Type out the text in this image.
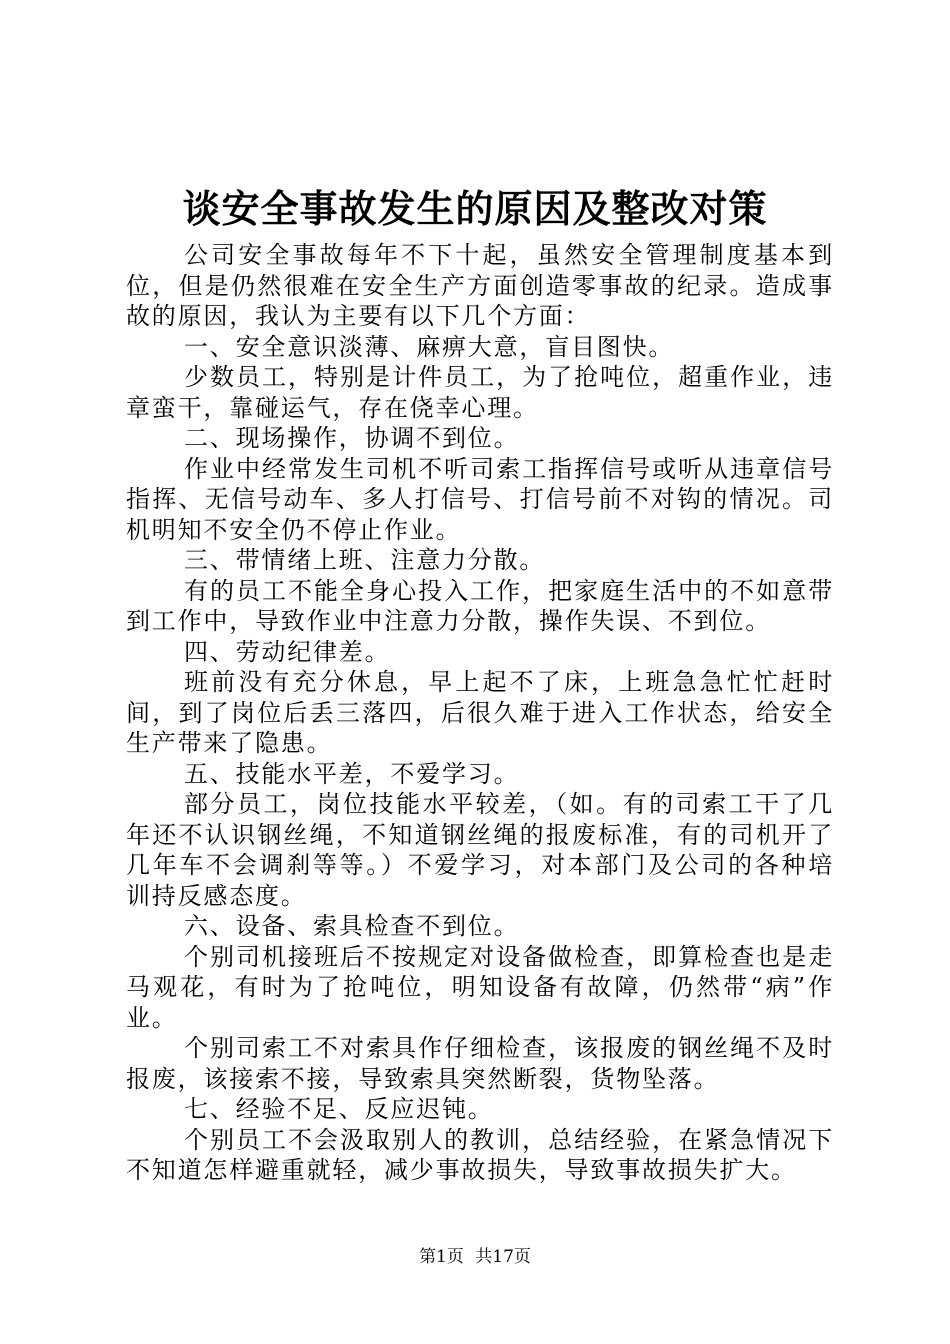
谈安全事故发生的原因及整改对策

公司安全事故每年不下十起，虽然安全管理制度基本到位，但是仍然很难在安全生产方面创造零事故的纪录。造成事故的原因，我认为主要有以下几个方面：

一、安全意识淡薄、麻痹大意，盲目图快。

少数员工，特别是计件员工，为了抢吨位，超重作业，违章蛮干，靠碰运气，存在侥幸心理。

二、现场操作，协调不到位。

作业中经常发生司机不听司索工指挥信号或听从违章信号指挥、无信号动车、多人打信号、打信号前不对钩的情况。司机明知不安全仍不停止作业。

三、带情绪上班、注意力分散。

有的员工不能全身心投入工作，把家庭生活中的不如意带到工作中，导致作业中注意力分散，操作失误、不到位。

四、劳动纪律差。

班前没有充分休息，早上起不了床，上班急急忙忙赶时间，到了岗位后丢三落四，后很久难于进入工作状态，给安全生产带来了隐患。

五、技能水平差，不爱学习。

部分员工，岗位技能水平较差，（如。有的司索工干了几年还不认识钢丝绳，不知道钢丝绳的报废标准，有的司机开了几年车不会调刹等等。）不爱学习，对本部门及公司的各种培训持反感态度。

六、设备、索具检查不到位。

个别司机接班后不按规定对设备做检查，即算检查也是走马观花，有时为了抢吨位，明知设备有故障，仍然带“病”作业。

个别司索工不对索具作仔细检查，该报废的钢丝绳不及时报废，该接索不接，导致索具突然断裂，货物坠落。

七、经验不足、反应迟钝。

个别员工不会汲取别人的教训，总结经验，在紧急情况下不知道怎样避重就轻，减少事故损失，导致事故损失扩大。

第1页 共17页
